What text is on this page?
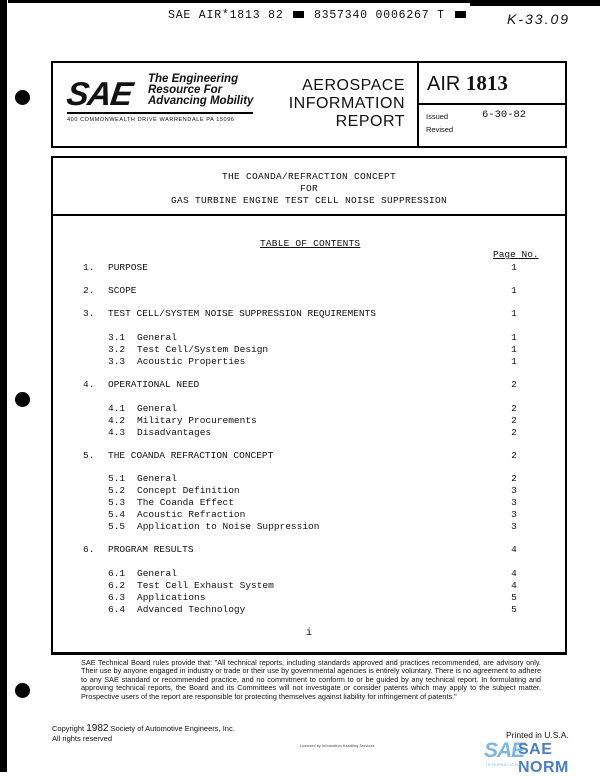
SAE AIR*1813 82	8357340 0006267 T	K-33.09
SAE The Engineering
Resource For
Advancing Mobility
400 COMMONWEALTH DRIVE WARRENDALE PA 15096
AEROSPACE
INFORMATION
REPORT
AIR 1813
Issued	6-30-82
Revised
THE COANDA/REFRACTION CONCEPT
FOR
GAS TURBINE ENGINE TEST CELL NOISE SUPPRESSION
TABLE OF CONTENTS
Page No.
1. PURPOSE	1
2. SCOPE	1
3. TEST CELL/SYSTEM NOISE SUPPRESSION REQUIREMENTS	1
3.1 General	1
3.2 Test Cell/System Design	1
3.3 Acoustic Properties	1
4. OPERATIONAL NEED	2
4.1 General	2
4.2 Military Procurements	2
4.3 Disadvantages	2
5. THE COANDA REFRACTION CONCEPT	2
5.1 General	2
5.2 Concept Definition	3
5.3 The Coanda Effect	3
5.4 Acoustic Refraction	3
5.5 Application to Noise Suppression	3
6. PROGRAM RESULTS	4
6.1 General	4
6.2 Test Cell Exhaust System	4
6.3 Applications	5
6.4 Advanced Technology	5
i
SAE Technical Board rules provide that: "All technical reports, including standards approved and practices recommended, are advisory only. Their use by anyone engaged in industry or trade or their use by governmental agencies is entirely voluntary. There is no agreement to adhere to any SAE standard or recommended practice, and no commitment to conform to or be guided by any technical report. In formulating and approving technical reports, the Board and its Committees will not investigate or consider patents which may apply to the subject matter. Prospective users of the report are responsible for protecting themselves against liability for infringement of patents."
Copyright 1982 Society of Automotive Engineers, Inc.
All rights reserved
Licensed by Information Handling Services	SAE
SAE NORM
INTERNATIONAL
Printed in U.S.A.
